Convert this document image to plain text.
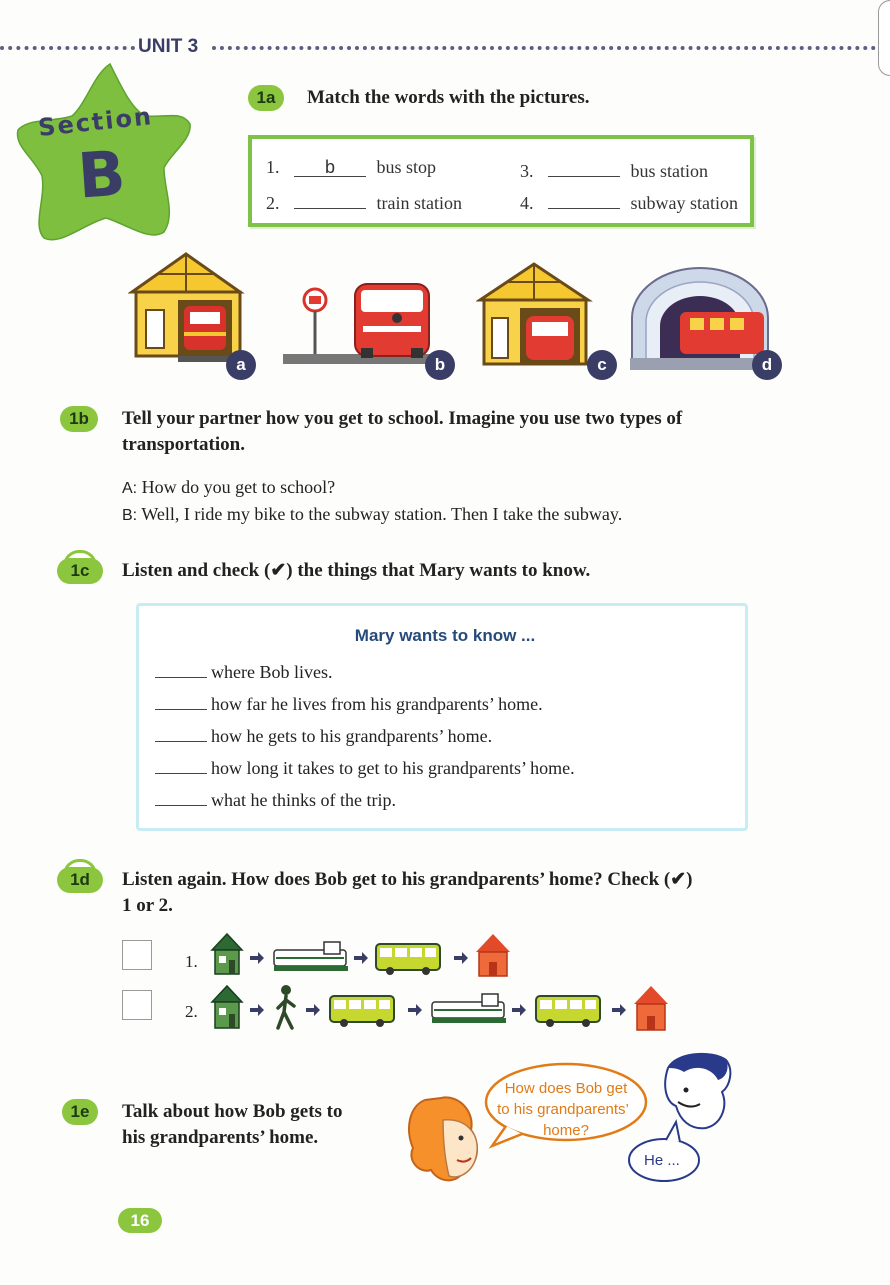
UNIT 3
Section
B
1a	Match the words with the pictures.
1.	b bus stop
2.	train station
3.	bus station
4.	subway station
a	b	c	d
1b	Tell your partner how you get to school. Imagine you use two types of
transportation.
A: How do you get to school?
B: Well, I ride my bike to the subway station. Then I take the subway.
1c	Listen and check (✔) the things that Mary wants to know.
Mary wants to know ...
where Bob lives.
how far he lives from his grandparents’ home.
how he gets to his grandparents’ home.
how long it takes to get to his grandparents’ home.
what he thinks of the trip.
1d	Listen again. How does Bob get to his grandparents’ home? Check (✔)
1 or 2.
1.
2.
1e	Talk about how Bob gets to
his grandparents’ home.
How does Bob get
to his grandparents’
home?
He ...
16
